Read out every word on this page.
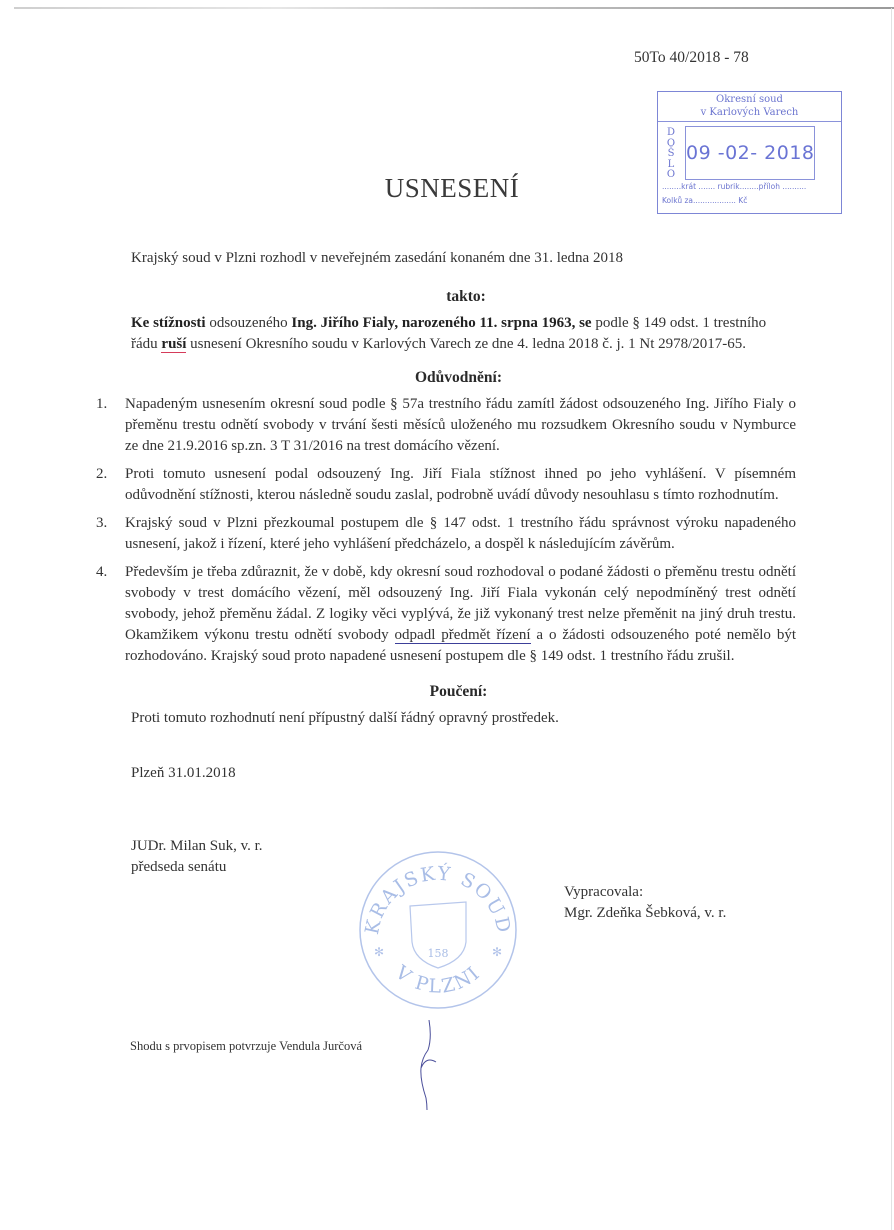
50To 40/2018 - 78
Okresní soud
v Karlových Varech
D
O
Š
L
O
09 -02- 2018
........krát ....... rubrik........příloh ..........
Kolků za.................. Kč
USNESENÍ
Krajský soud v Plzni rozhodl v neveřejném zasedání konaném dne 31. ledna 2018
takto:
Ke stížnosti odsouzeného Ing. Jiřího Fialy, narozeného 11. srpna 1963, se podle § 149 odst. 1 trestního řádu ruší usnesení Okresního soudu v Karlových Varech ze dne 4. ledna 2018 č. j. 1 Nt 2978/2017-65.
Odůvodnění:
1.	Napadeným usnesením okresní soud podle § 57a trestního řádu zamítl žádost odsouzeného Ing. Jiřího Fialy o přeměnu trestu odnětí svobody v trvání šesti měsíců uloženého mu rozsudkem Okresního soudu v Nymburce ze dne 21.9.2016 sp.zn. 3 T 31/2016 na trest domácího vězení.
2.	Proti tomuto usnesení podal odsouzený Ing. Jiří Fiala stížnost ihned po jeho vyhlášení. V písemném odůvodnění stížnosti, kterou následně soudu zaslal, podrobně uvádí důvody nesouhlasu s tímto rozhodnutím.
3.	Krajský soud v Plzni přezkoumal postupem dle § 147 odst. 1 trestního řádu správnost výroku napadeného usnesení, jakož i řízení, které jeho vyhlášení předcházelo, a dospěl k následujícím závěrům.
4.	Především je třeba zdůraznit, že v době, kdy okresní soud rozhodoval o podané žádosti o přeměnu trestu odnětí svobody v trest domácího vězení, měl odsouzený Ing. Jiří Fiala vykonán celý nepodmíněný trest odnětí svobody, jehož přeměnu žádal. Z logiky věci vyplývá, že již vykonaný trest nelze přeměnit na jiný druh trestu. Okamžikem výkonu trestu odnětí svobody odpadl předmět řízení a o žádosti odsouzeného poté nemělo být rozhodováno. Krajský soud proto napadené usnesení postupem dle § 149 odst. 1 trestního řádu zrušil.
Poučení:
Proti tomuto rozhodnutí není přípustný další řádný opravný prostředek.
Plzeň 31.01.2018
JUDr. Milan Suk, v. r.
předseda senátu
KRAJSKÝ SOUD
V PLZNI
158
✻	✻
Vypracovala:
Mgr. Zdeňka Šebková, v. r.
Shodu s prvopisem potvrzuje Vendula Jurčová
